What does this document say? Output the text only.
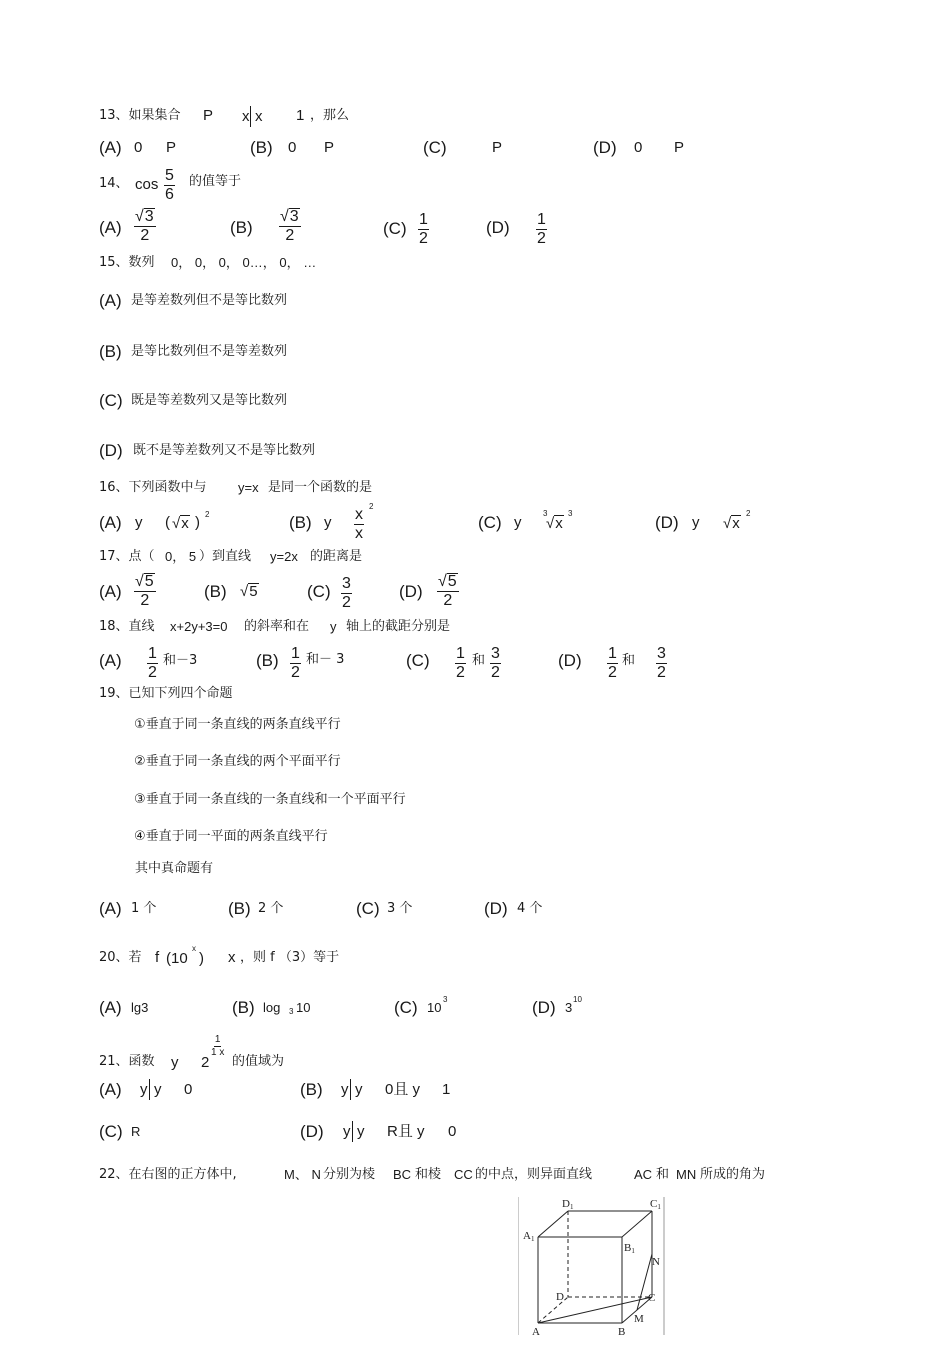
13、如果集合 P x x 1 ，那么
(A) 0 P	(B) 0 P	(C)	P	(D) 0 P
14、 $\cos \frac{5}{6}$ 的值等于
$(A) \frac{√3}{2}$	$(B) \frac{√3}{2}$	$(C) \frac{1}{2}$	$(D) \frac{1}{2}$
15、数列 0， 0， 0， 0…， 0， …
(A) 是等差数列但不是等比数列
(B) 是等比数列但不是等差数列
(C) 既是等差数列又是等比数列
(D) 既不是等差数列又不是等比数列
16、下列函数中与 y=x 是同一个函数的是
(A) y ( √x ) 2	(B) y $\frac{x}{x}$
2
(C) y
3
√x
3	(D) y √x
2
17、点（ 0， 5 ）到直线 y=2x 的距离是
$(A) \frac{√5}{2}$	(B) √5	$(C) \frac{3}{2}$	$(D) \frac{√5}{2}$
18、直线 x+2y+3=0 的斜率和在 y 轴上的截距分别是
$(A) \frac{1}{2}$ 和－3	$(B) \frac{1}{2}$ 和－ 3	$(C) \frac{1}{2}$ 和 $\frac{3}{2}$	$(D) \frac{1}{2}$ 和 $\frac{3}{2}$
19、已知下列四个命题
①垂直于同一条直线的两条直线平行
②垂直于同一条直线的两个平面平行
③垂直于同一条直线的一条直线和一个平面平行
④垂直于同一平面的两条直线平行
其中真命题有
(A) 1 个	(B) 2 个	(C) 3 个	(D) 4 个
20、若 f (10
x
) x ，则 f （3）等于
(A) lg3	(B) log 3 10	(C) 10
3	(D) 3
10
21、函数 y 2
$\frac{1}{1 x}$
的值域为
(A) y y 0	(B) y y 0且 y 1
(C) R	(D) y y R且 y 0
22、在右图的正方体中,	M、 N 分别为棱 BC 和棱 CC 的中点，则异面直线	AC 和 MN 所成的角为
D1	C1
A1
B1
N
D	C
A	B
M
